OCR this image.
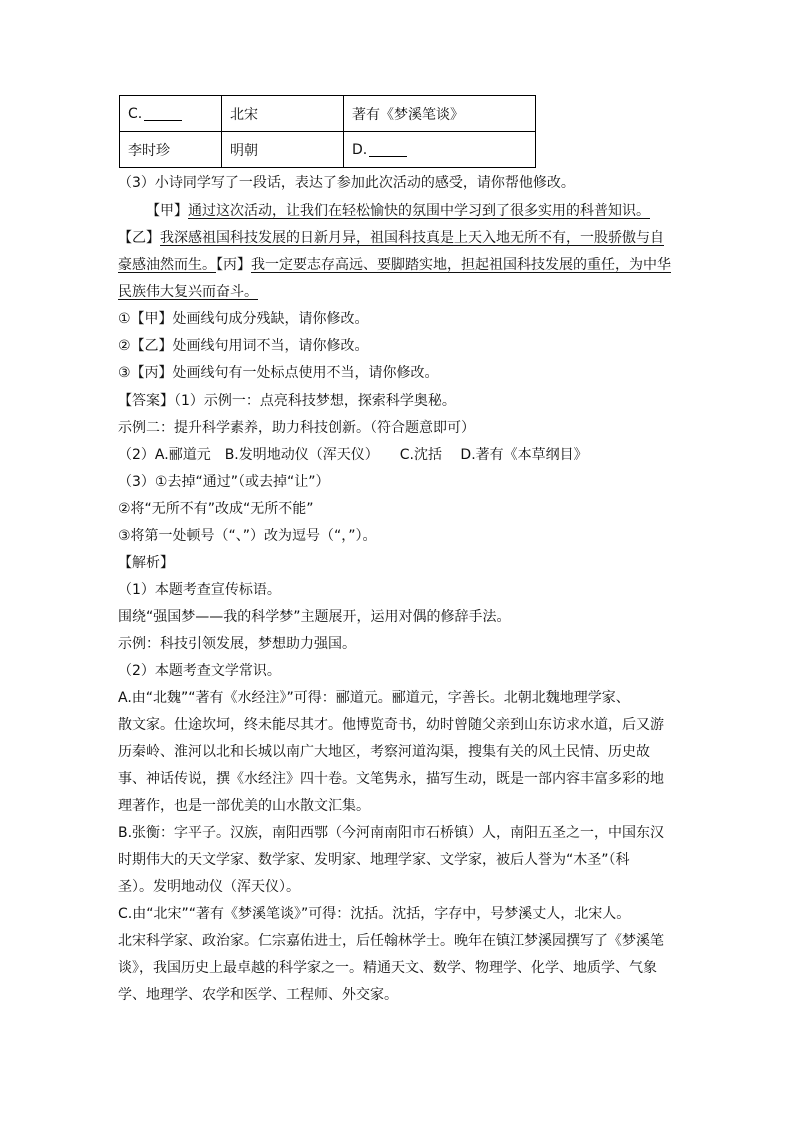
C.	北宋	著有《梦溪笔谈》
李时珍	明朝	D.
（3）小诗同学写了一段话，表达了参加此次活动的感受，请你帮他修改。
【甲】通过这次活动，让我们在轻松愉快的氛围中学习到了很多实用的科普知识。
【乙】我深感祖国科技发展的日新月异，祖国科技真是上天入地无所不有，一股骄傲与自
豪感油然而生。【丙】我一定要志存高远、要脚踏实地，担起祖国科技发展的重任，为中华
民族伟大复兴而奋斗。
①【甲】处画线句成分残缺，请你修改。
②【乙】处画线句用词不当，请你修改。
③【丙】处画线句有一处标点使用不当，请你修改。
【答案】（1）示例一：点亮科技梦想，探索科学奥秘。
示例二：提升科学素养，助力科技创新。（符合题意即可）
（2）A.郦道元　B.发明地动仪（浑天仪）　　C.沈括　 D.著有《本草纲目》
（3）①去掉“通过”（或去掉“让”）
②将“无所不有”改成“无所不能”
③将第一处顿号（“、”）改为逗号（“，”）。
【解析】
（1）本题考查宣传标语。
围绕“强国梦——我的科学梦”主题展开，运用对偶的修辞手法。
示例：科技引领发展，梦想助力强国。
（2）本题考查文学常识。
A.由“北魏”“著有《水经注》”可得：郦道元。郦道元，字善长。北朝北魏地理学家、
散文家。仕途坎坷，终未能尽其才。他博览奇书，幼时曾随父亲到山东访求水道，后又游
历秦岭、淮河以北和长城以南广大地区，考察河道沟渠，搜集有关的风土民情、历史故
事、神话传说，撰《水经注》四十卷。文笔隽永，描写生动，既是一部内容丰富多彩的地
理著作，也是一部优美的山水散文汇集。
B.张衡：字平子。汉族，南阳西鄂（今河南南阳市石桥镇）人，南阳五圣之一，中国东汉
时期伟大的天文学家、数学家、发明家、地理学家、文学家，被后人誉为“木圣”（科
圣）。发明地动仪（浑天仪）。
C.由“北宋”“著有《梦溪笔谈》”可得：沈括。沈括，字存中，号梦溪丈人，北宋人。
北宋科学家、政治家。仁宗嘉佑进士，后任翰林学士。晚年在镇江梦溪园撰写了《梦溪笔
谈》，我国历史上最卓越的科学家之一。精通天文、数学、物理学、化学、地质学、气象
学、地理学、农学和医学、工程师、外交家。
